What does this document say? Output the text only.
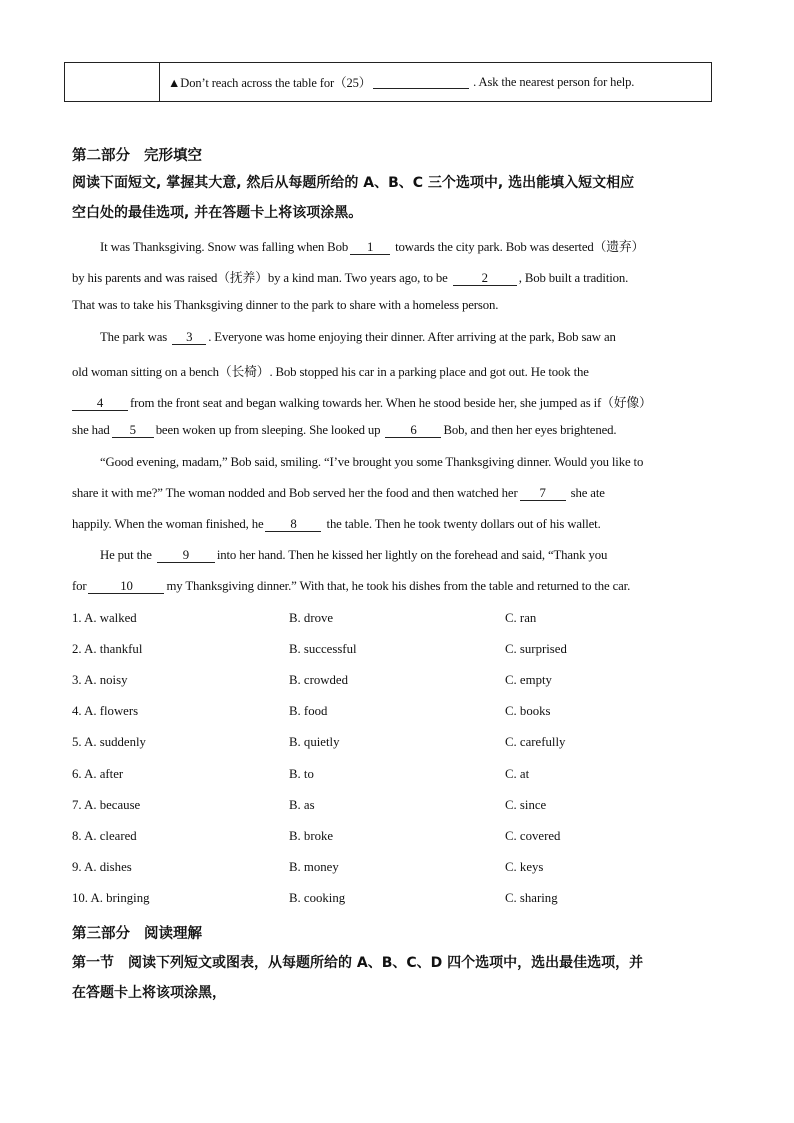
▲Don’t reach across the table for（25）	. Ask the nearest person for help.
第二部分 完形填空
阅读下面短文, 掌握其大意, 然后从每题所给的 A、B、C 三个选项中, 选出能填入短文相应
空白处的最佳选项, 并在答题卡上将该项涂黑。
It was Thanksgiving. Snow was falling when Bob 1 towards the city park. Bob was deserted（遗弃）
by his parents and was raised（抚养）by a kind man. Two years ago, to be 2 , Bob built a tradition.
That was to take his Thanksgiving dinner to the park to share with a homeless person.
The park was 3 . Everyone was home enjoying their dinner. After arriving at the park, Bob saw an
old woman sitting on a bench（长椅）. Bob stopped his car in a parking place and got out. He took the
4 from the front seat and began walking towards her. When he stood beside her, she jumped as if（好像）
she had 5 been woken up from sleeping. She looked up 6 Bob, and then her eyes brightened.
“Good evening, madam,” Bob said, smiling. “I’ve brought you some Thanksgiving dinner. Would you like to
share it with me?” The woman nodded and Bob served her the food and then watched her 7 she ate
happily. When the woman finished, he 8 the table. Then he took twenty dollars out of his wallet.
He put the 9 into her hand. Then he kissed her lightly on the forehead and said, “Thank you
for	10	my Thanksgiving dinner.” With that, he took his dishes from the table and returned to the car.
1. A. walked	B. drove	C. ran
2. A. thankful	B. successful	C. surprised
3. A. noisy	B. crowded	C. empty
4. A. flowers	B. food	C. books
5. A. suddenly	B. quietly	C. carefully
6. A. after	B. to	C. at
7. A. because	B. as	C. since
8. A. cleared	B. broke	C. covered
9. A. dishes	B. money	C. keys
10. A. bringing	B. cooking	C. sharing
第三部分 阅读理解
第一节 阅读下列短文或图表，从每题所给的 A、B、C、D 四个选项中，选出最佳选项，并
在答题卡上将该项涂黑，
